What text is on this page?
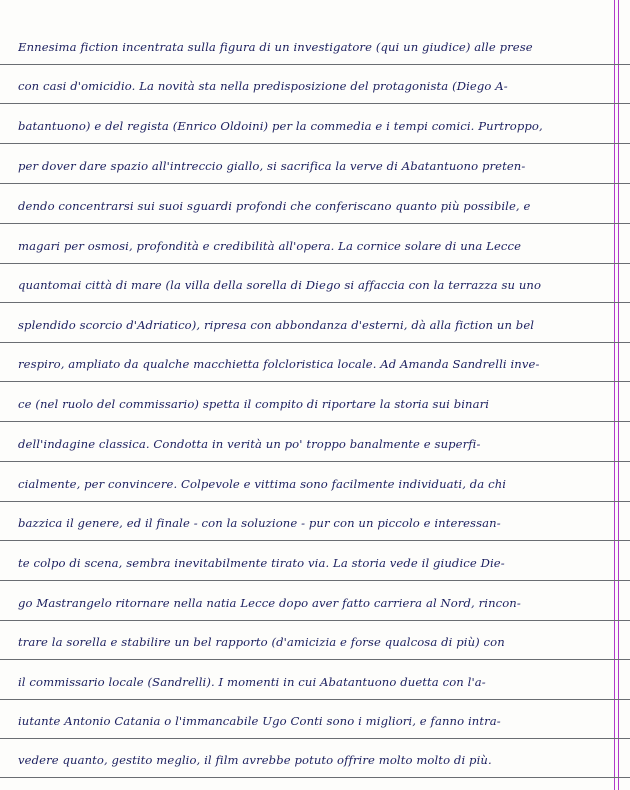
Ennesima fiction incentrata sulla figura di un investigatore (qui un giudice) alle prese
con casi d'omicidio. La novità sta nella predisposizione del protagonista (Diego A-
batantuono) e del regista (Enrico Oldoini) per la commedia e i tempi comici. Purtroppo,
per dover dare spazio all'intreccio giallo, si sacrifica la verve di Abatantuono preten-
dendo concentrarsi sui suoi sguardi profondi che conferiscano quanto più possibile, e
magari per osmosi, profondità e credibilità all'opera. La cornice solare di una Lecce
quantomai città di mare (la villa della sorella di Diego si affaccia con la terrazza su uno
splendido scorcio d'Adriatico), ripresa con abbondanza d'esterni, dà alla fiction un bel
respiro, ampliato da qualche macchietta folcloristica locale. Ad Amanda Sandrelli inve-
ce (nel ruolo del commissario) spetta il compito di riportare la storia sui binari
dell'indagine classica. Condotta in verità un po' troppo banalmente e superfi-
cialmente, per convincere. Colpevole e vittima sono facilmente individuati, da chi
bazzica il genere, ed il finale - con la soluzione - pur con un piccolo e interessan-
te colpo di scena, sembra inevitabilmente tirato via. La storia vede il giudice Die-
go Mastrangelo ritornare nella natia Lecce dopo aver fatto carriera al Nord, rincon-
trare la sorella e stabilire un bel rapporto (d'amicizia e forse qualcosa di più) con
il commissario locale (Sandrelli). I momenti in cui Abatantuono duetta con l'a-
iutante Antonio Catania o l'immancabile Ugo Conti sono i migliori, e fanno intra-
vedere quanto, gestito meglio, il film avrebbe potuto offrire molto molto di più.
